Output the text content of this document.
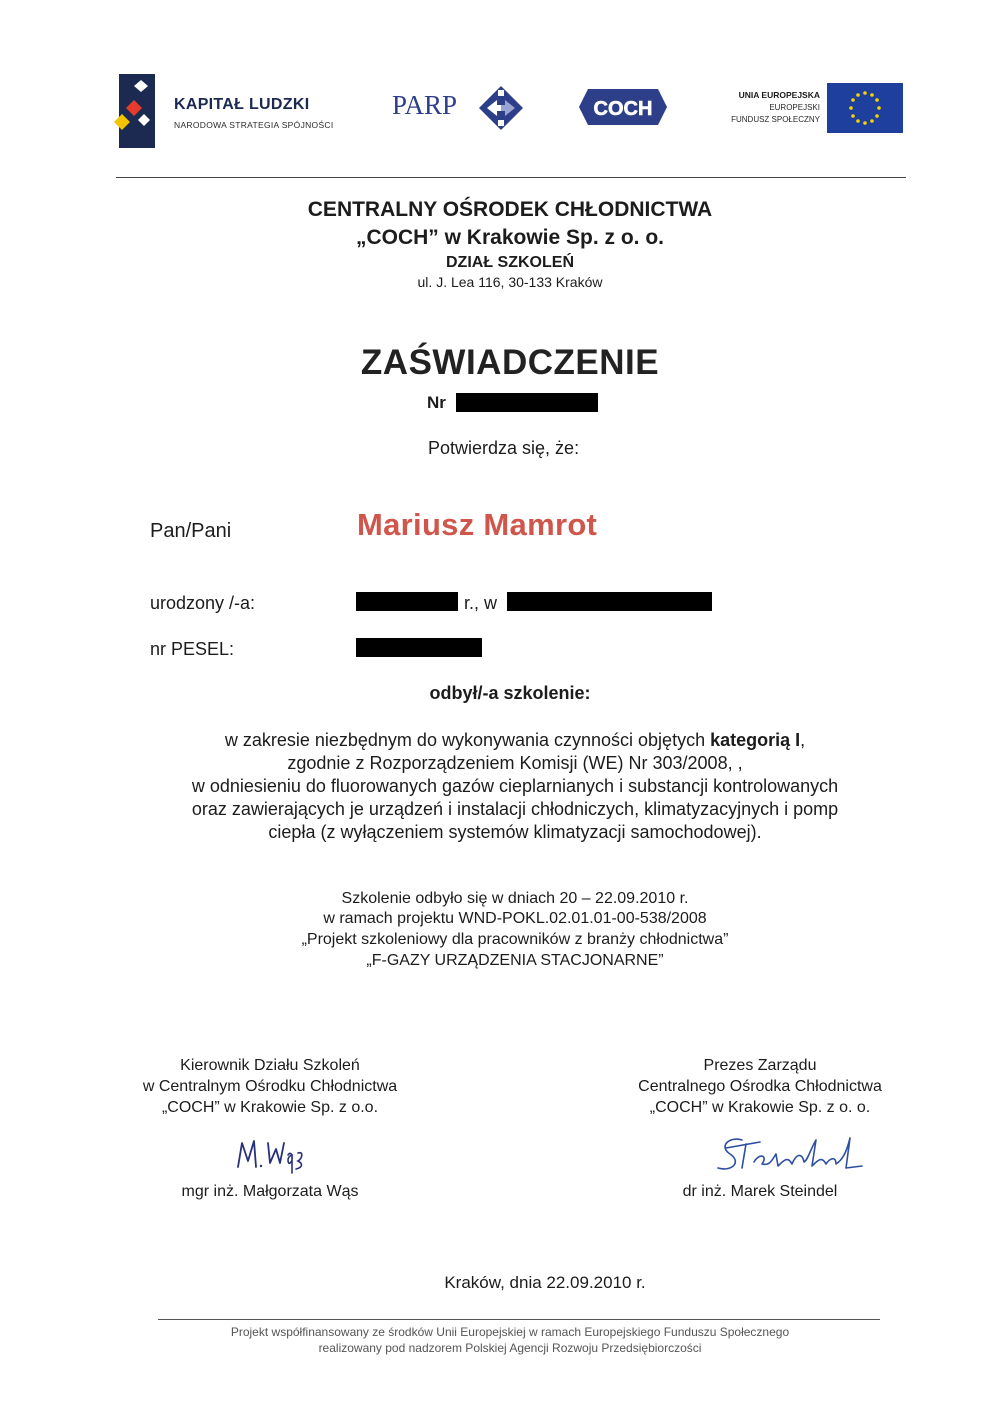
KAPITAŁ LUDZKI
NARODOWA STRATEGIA SPÓJNOŚCI
PARP	COCH
UNIA EUROPEJSKA
EUROPEJSKI
FUNDUSZ SPOŁECZNY
CENTRALNY OŚRODEK CHŁODNICTWA
„COCH” w Krakowie Sp. z o. o.
DZIAŁ SZKOLEŃ
ul. J. Lea 116, 30-133 Kraków
ZAŚWIADCZENIE
Nr
Potwierdza się, że:
Pan/Pani	Mariusz Mamrot
urodzony /-a:	r., w
nr PESEL:
odbył/-a szkolenie:
w zakresie niezbędnym do wykonywania czynności objętych kategorią I,
zgodnie z Rozporządzeniem Komisji (WE) Nr 303/2008, ,
w odniesieniu do fluorowanych gazów cieplarnianych i substancji kontrolowanych
oraz zawierających je urządzeń i instalacji chłodniczych, klimatyzacyjnych i pomp
ciepła (z wyłączeniem systemów klimatyzacji samochodowej).
Szkolenie odbyło się w dniach 20 – 22.09.2010 r.
w ramach projektu WND-POKL.02.01.01-00-538/2008
„Projekt szkoleniowy dla pracowników z branży chłodnictwa”
„F-GAZY URZĄDZENIA STACJONARNE”
Kierownik Działu Szkoleń
w Centralnym Ośrodku Chłodnictwa
„COCH” w Krakowie Sp. z o.o.
mgr inż. Małgorzata Wąs
Prezes Zarządu
Centralnego Ośrodka Chłodnictwa
„COCH” w Krakowie Sp. z o. o.
dr inż. Marek Steindel
Kraków, dnia 22.09.2010 r.
Projekt współfinansowany ze środków Unii Europejskiej w ramach Europejskiego Funduszu Społecznego
realizowany pod nadzorem Polskiej Agencji Rozwoju Przedsiębiorczości
